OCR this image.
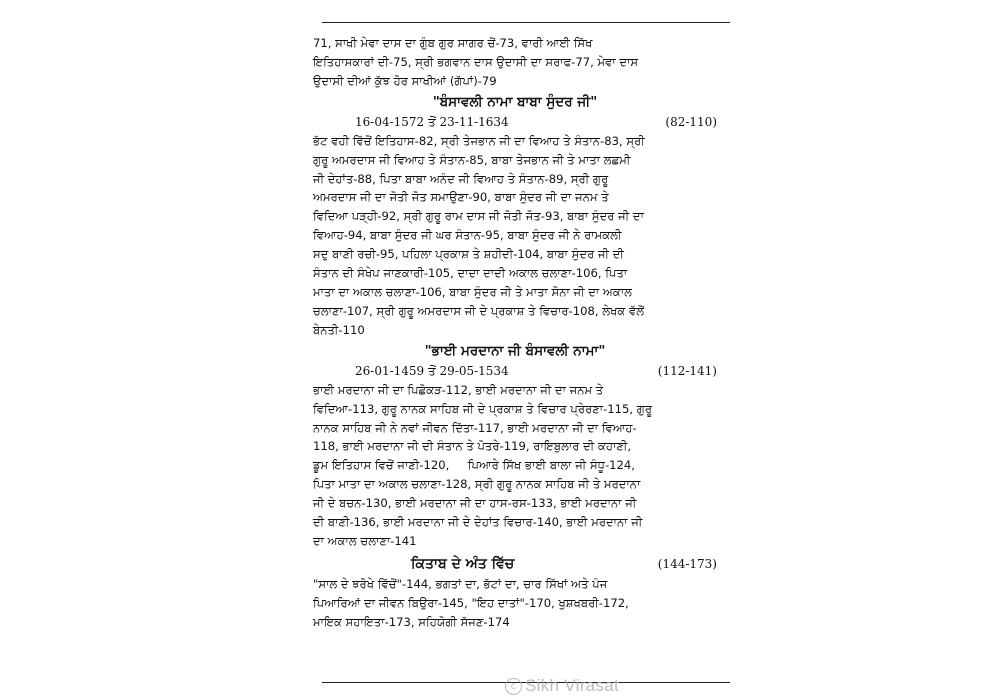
71, ਸਾਖੀ ਮੇਵਾ ਦਾਸ ਦਾ ਗੁੰਬ ਗੁਰ ਸਾਗਰ ਚੋਂ-73, ਵਾਰੀ ਆਈ ਸਿੱਖ
ਇਤਿਹਾਸਕਾਰਾਂ ਦੀ-75, ਸ੍ਰੀ ਭਗਵਾਨ ਦਾਸ ਉਦਾਸੀ ਦਾ ਸਰਾਫ-77, ਮੇਵਾ ਦਾਸ
ਉਦਾਸੀ ਦੀਆਂ ਕੁੱਝ ਹੋਰ ਸਾਖੀਆਂ (ਗੱਪਾਂ)-79
"ਬੰਸਾਵਲੀ ਨਾਮਾ ਬਾਬਾ ਸੁੰਦਰ ਜੀ"
16-04-1572 ਤੋਂ 23-11-1634	(82-110)
ਭੱਟ ਵਹੀ ਵਿੱਚੋਂ ਇਤਿਹਾਸ-82, ਸ੍ਰੀ ਤੇਜਭਾਨ ਜੀ ਦਾ ਵਿਆਹ ਤੇ ਸੰਤਾਨ-83, ਸ੍ਰੀ
ਗੁਰੂ ਅਮਰਦਾਸ ਜੀ ਵਿਆਹ ਤੇ ਸੰਤਾਨ-85, ਬਾਬਾ ਤੇਜਭਾਨ ਜੀ ਤੇ ਮਾਤਾ ਲਛਮੀ
ਜੀ ਦੇਹਾਂਤ-88, ਪਿਤਾ ਬਾਬਾ ਅਨੰਦ ਜੀ ਵਿਆਹ ਤੇ ਸੰਤਾਨ-89, ਸ੍ਰੀ ਗੁਰੂ
ਅਮਰਦਾਸ ਜੀ ਦਾ ਜੋਤੀ ਜੋਤ ਸਮਾਉਣਾ-90, ਬਾਬਾ ਸੁੰਦਰ ਜੀ ਦਾ ਜਨਮ ਤੇ
ਵਿਦਿਆ ਪੜ੍ਹੀ-92, ਸ੍ਰੀ ਗੁਰੂ ਰਾਮ ਦਾਸ ਜੀ ਜੋਤੀ ਜੋਤ-93, ਬਾਬਾ ਸੁੰਦਰ ਜੀ ਦਾ
ਵਿਆਹ-94, ਬਾਬਾ ਸੁੰਦਰ ਜੀ ਘਰ ਸੰਤਾਨ-95, ਬਾਬਾ ਸੁੰਦਰ ਜੀ ਨੇ ਰਾਮਕਲੀ
ਸਦੁ ਬਾਣੀ ਰਚੀ-95, ਪਹਿਲਾ ਪ੍ਰਕਾਸ਼ ਤੇ ਸ਼ਹੀਦੀ-104, ਬਾਬਾ ਸੁੰਦਰ ਜੀ ਦੀ
ਸੰਤਾਨ ਦੀ ਸੰਖੇਪ ਜਾਣਕਾਰੀ-105, ਦਾਦਾ ਦਾਦੀ ਅਕਾਲ ਚਲਾਣਾ-106, ਪਿਤਾ
ਮਾਤਾ ਦਾ ਅਕਾਲ ਚਲਾਣਾ-106, ਬਾਬਾ ਸੁੰਦਰ ਜੀ ਤੇ ਮਾਤਾ ਸੋਨਾ ਜੀ ਦਾ ਅਕਾਲ
ਚਲਾਣਾ-107, ਸ੍ਰੀ ਗੁਰੂ ਅਮਰਦਾਸ ਜੀ ਦੇ ਪ੍ਰਕਾਸ਼ ਤੇ ਵਿਚਾਰ-108, ਲੇਖਕ ਵੱਲੋਂ
ਬੇਨਤੀ-110
"ਭਾਈ ਮਰਦਾਨਾ ਜੀ ਬੰਸਾਵਲੀ ਨਾਮਾ"
26-01-1459 ਤੋਂ 29-05-1534	(112-141)
ਭਾਈ ਮਰਦਾਨਾ ਜੀ ਦਾ ਪਿਛੋਕੜ-112, ਭਾਈ ਮਰਦਾਨਾ ਜੀ ਦਾ ਜਨਮ ਤੇ
ਵਿਦਿਆ-113, ਗੁਰੂ ਨਾਨਕ ਸਾਹਿਬ ਜੀ ਦੇ ਪ੍ਰਕਾਸ਼ ਤੇ ਵਿਚਾਰ ਪ੍ਰੇਰਣਾ-115, ਗੁਰੂ
ਨਾਨਕ ਸਾਹਿਬ ਜੀ ਨੇ ਨਵਾਂ ਜੀਵਨ ਦਿੱਤਾ-117, ਭਾਈ ਮਰਦਾਨਾ ਜੀ ਦਾ ਵਿਆਹ-
118, ਭਾਈ ਮਰਦਾਨਾ ਜੀ ਦੀ ਸੰਤਾਨ ਤੇ ਪੋਤਰੇ-119, ਰਾਇਬੁਲਾਰ ਦੀ ਕਹਾਣੀ,
ਡੂਮ ਇਤਿਹਾਸ ਵਿਚੋਂ ਜਾਣੀ-120,     ਪਿਆਰੇ ਸਿੱਖ ਭਾਈ ਬਾਲਾ ਜੀ ਸੰਧੂ-124,
ਪਿਤਾ ਮਾਤਾ ਦਾ ਅਕਾਲ ਚਲਾਣਾ-128, ਸ੍ਰੀ ਗੁਰੂ ਨਾਨਕ ਸਾਹਿਬ ਜੀ ਤੇ ਮਰਦਾਨਾ
ਜੀ ਦੇ ਬਚਨ-130, ਭਾਈ ਮਰਦਾਨਾ ਜੀ ਦਾ ਹਾਸ-ਰਸ-133, ਭਾਈ ਮਰਦਾਨਾ ਜੀ
ਦੀ ਬਾਣੀ-136, ਭਾਈ ਮਰਦਾਨਾ ਜੀ ਦੇ ਦੇਹਾਂਤ ਵਿਚਾਰ-140, ਭਾਈ ਮਰਦਾਨਾ ਜੀ
ਦਾ ਅਕਾਲ ਚਲਾਣਾ-141
ਕਿਤਾਬ ਦੇ ਅੰਤ ਵਿੱਚ	(144-173)
"ਸਾਲ ਦੇ ਝਰੋਖੇ ਵਿੱਚੋਂ"-144, ਭਗਤਾਂ ਦਾ, ਭੱਟਾਂ ਦਾ, ਚਾਰ ਸਿੱਖਾਂ ਅਤੇ ਪੰਜ
ਪਿਆਰਿਆਂ ਦਾ ਜੀਵਨ ਬਿਉਰਾ-145, "ਇਹ ਦਾਤਾਂ"-170, ਖੁਸ਼ਖਬਰੀ-172,
ਮਾਇਕ ਸਹਾਇਤਾ-173, ਸਹਿਯੋਗੀ ਸੱਜਣ-174
c Sikh Virasat
